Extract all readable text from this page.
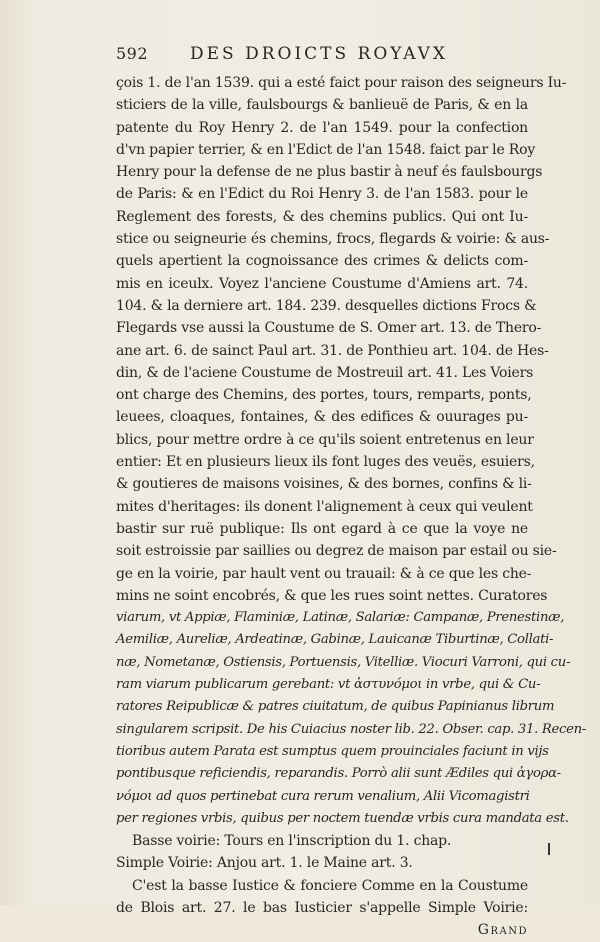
592 DES DROICTS ROYAVX
çois 1. de l'an 1539. qui a esté faict pour raison des seigneurs Iu-
sticiers de la ville, faulsbourgs & banlieuë de Paris, & en la
patente du Roy Henry 2. de l'an 1549. pour la confection
d'vn papier terrier, & en l'Edict de l'an 1548. faict par le Roy
Henry pour la defense de ne plus bastir à neuf és faulsbourgs
de Paris: & en l'Edict du Roi Henry 3. de l'an 1583. pour le
Reglement des forests, & des chemins publics. Qui ont Iu-
stice ou seigneurie és chemins, frocs, flegards & voirie: & aus-
quels apertient la cognoissance des crimes & delicts com-
mis en iceulx. Voyez l'anciene Coustume d'Amiens art. 74.
104. & la derniere art. 184. 239. desquelles dictions Frocs &
Flegards vse aussi la Coustume de S. Omer art. 13. de Thero-
ane art. 6. de sainct Paul art. 31. de Ponthieu art. 104. de Hes-
din, & de l'aciene Coustume de Mostreuil art. 41. Les Voiers
ont charge des Chemins, des portes, tours, remparts, ponts,
leuees, cloaques, fontaines, & des edifices & ouurages pu-
blics, pour mettre ordre à ce qu'ils soient entretenus en leur
entier: Et en plusieurs lieux ils font luges des veuës, esuiers,
& goutieres de maisons voisines, & des bornes, confins & li-
mites d'heritages: ils donent l'alignement à ceux qui veulent
bastir sur ruë publique: Ils ont egard à ce que la voye ne
soit estroissie par saillies ou degrez de maison par estail ou sie-
ge en la voirie, par hault vent ou trauail: & à ce que les che-
mins ne soint encobrés, & que les rues soint nettes. Curatores
viarum, vt Appiæ, Flaminiæ, Latinæ, Salariæ: Campanæ, Prenestinæ,
Aemiliæ, Aureliæ, Ardeatinæ, Gabinæ, Lauicanæ Tiburtinæ, Collati-
næ, Nometanæ, Ostiensis, Portuensis, Vitelliæ. Viocuri Varroni, qui cu-
ram viarum publicarum gerebant: vt ἀστυνόμοι in vrbe, qui & Cu-
ratores Reipublicæ & patres ciuitatum, de quibus Papinianus librum
singularem scripsit. De his Cuiacius noster lib. 22. Obser. cap. 31. Recen-
tioribus autem Parata est sumptus quem prouinciales faciunt in vijs
pontibusque reficiendis, reparandis. Porrò alii sunt Ædiles qui ἀγορα-
νόμοι ad quos pertinebat cura rerum venalium, Alii Vicomagistri
per regiones vrbis, quibus per noctem tuendæ vrbis cura mandata est.
Basse voirie: Tours en l'inscription du 1. chap.
Simple Voirie: Anjou art. 1. le Maine art. 3.
C'est la basse Iustice & fonciere Comme en la Coustume
de Blois art. 27. le bas Iusticier s'appelle Simple Voirie:
Grand
